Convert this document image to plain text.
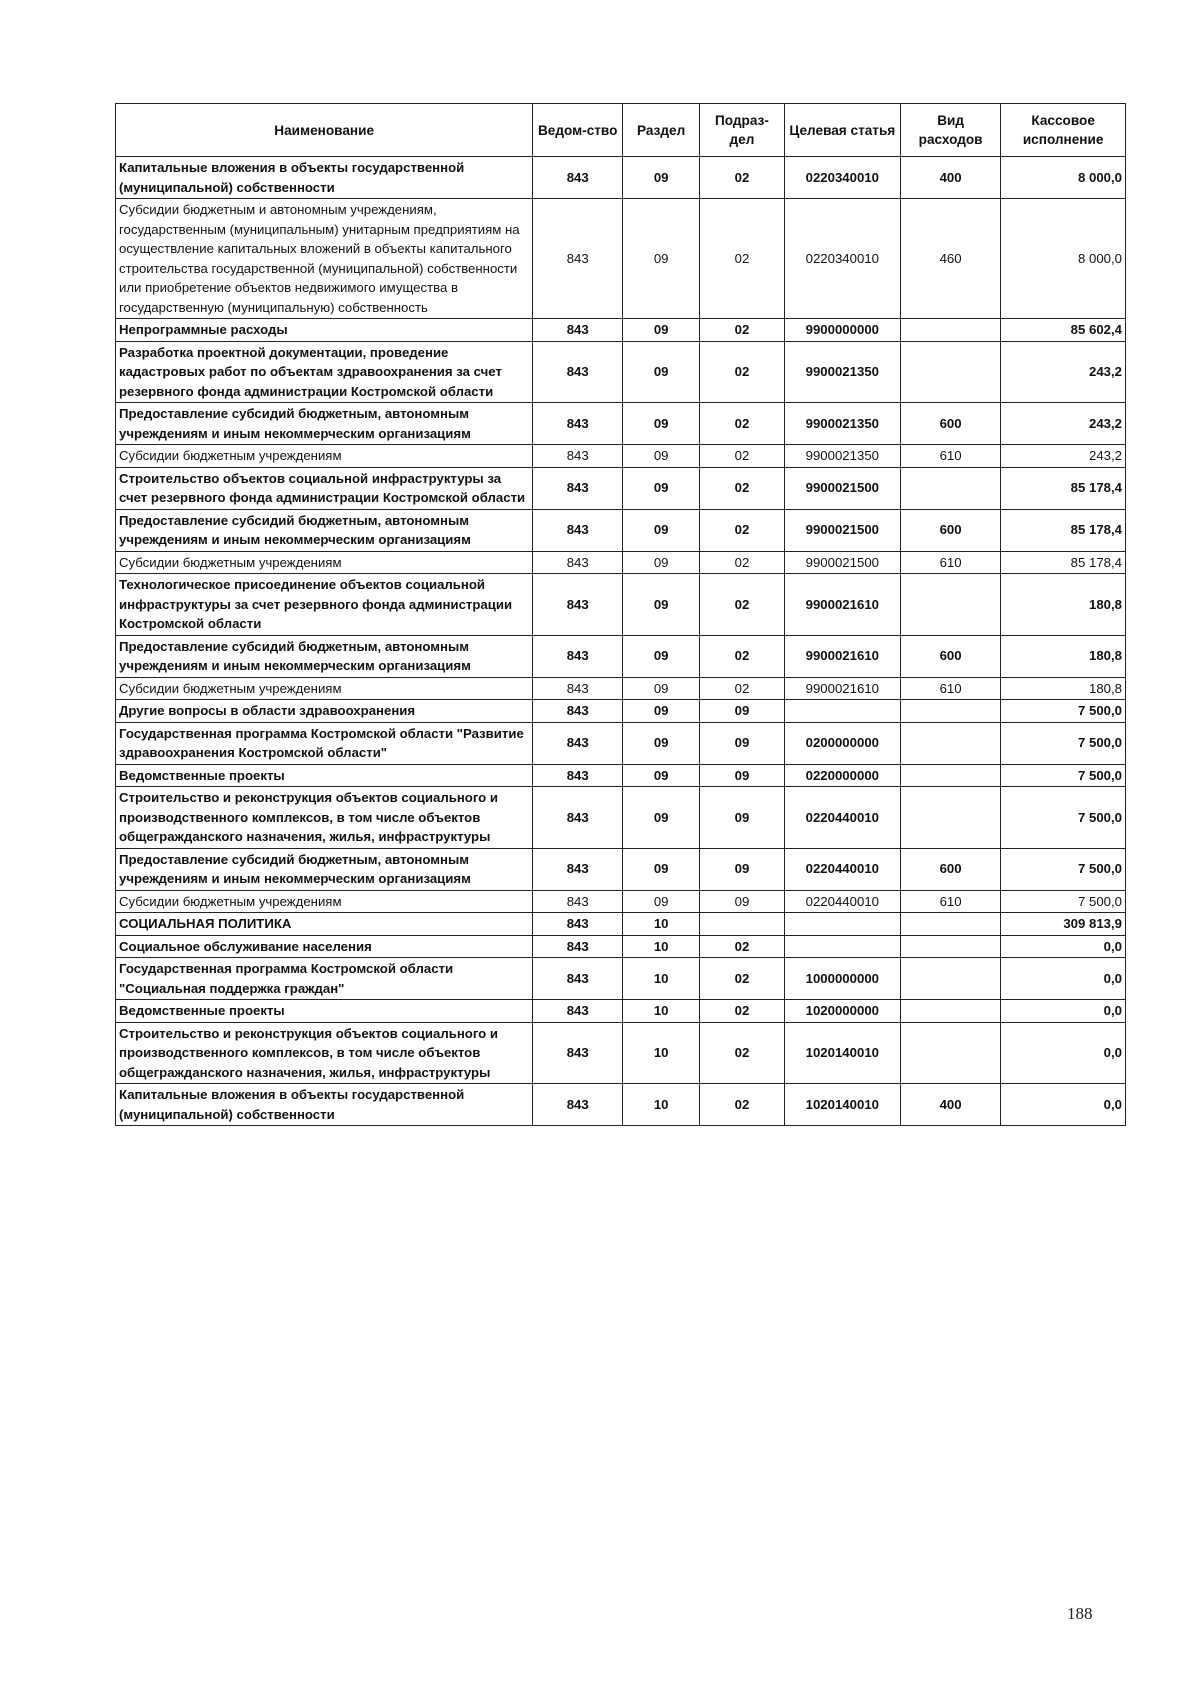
Наименование	Ведом-ство	Раздел	Подраз-дел	Целевая статья	Вид расходов	Кассовое исполнение
Капитальные вложения в объекты государственной (муниципальной) собственности	843	09	02	0220340010	400	8 000,0
Субсидии бюджетным и автономным учреждениям, государственным (муниципальным) унитарным предприятиям на осуществление капитальных вложений в объекты капитального строительства государственной (муниципальной) собственности или приобретение объектов недвижимого имущества в государственную (муниципальную) собственность	843	09	02	0220340010	460	8 000,0
Непрограммные расходы	843	09	02	9900000000		85 602,4
Разработка проектной документации, проведение кадастровых работ по объектам здравоохранения за счет резервного фонда администрации Костромской области	843	09	02	9900021350		243,2
Предоставление субсидий бюджетным, автономным учреждениям и иным некоммерческим организациям	843	09	02	9900021350	600	243,2
Субсидии бюджетным учреждениям	843	09	02	9900021350	610	243,2
Строительство объектов социальной инфраструктуры за счет резервного фонда администрации Костромской области	843	09	02	9900021500		85 178,4
Предоставление субсидий бюджетным, автономным учреждениям и иным некоммерческим организациям	843	09	02	9900021500	600	85 178,4
Субсидии бюджетным учреждениям	843	09	02	9900021500	610	85 178,4
Технологическое присоединение объектов социальной инфраструктуры за счет резервного фонда администрации Костромской области	843	09	02	9900021610		180,8
Предоставление субсидий бюджетным, автономным учреждениям и иным некоммерческим организациям	843	09	02	9900021610	600	180,8
Субсидии бюджетным учреждениям	843	09	02	9900021610	610	180,8
Другие вопросы в области здравоохранения	843	09	09			7 500,0
Государственная программа Костромской области "Развитие здравоохранения Костромской области"	843	09	09	0200000000		7 500,0
Ведомственные проекты	843	09	09	0220000000		7 500,0
Строительство и реконструкция объектов социального и производственного комплексов, в том числе объектов общегражданского назначения, жилья, инфраструктуры	843	09	09	0220440010		7 500,0
Предоставление субсидий бюджетным, автономным учреждениям и иным некоммерческим организациям	843	09	09	0220440010	600	7 500,0
Субсидии бюджетным учреждениям	843	09	09	0220440010	610	7 500,0
СОЦИАЛЬНАЯ ПОЛИТИКА	843	10				309 813,9
Социальное обслуживание населения	843	10	02			0,0
Государственная программа Костромской области "Социальная поддержка граждан"	843	10	02	1000000000		0,0
Ведомственные проекты	843	10	02	1020000000		0,0
Строительство и реконструкция объектов социального и производственного комплексов, в том числе объектов общегражданского назначения, жилья, инфраструктуры	843	10	02	1020140010		0,0
Капитальные вложения в объекты государственной (муниципальной) собственности	843	10	02	1020140010	400	0,0
188
